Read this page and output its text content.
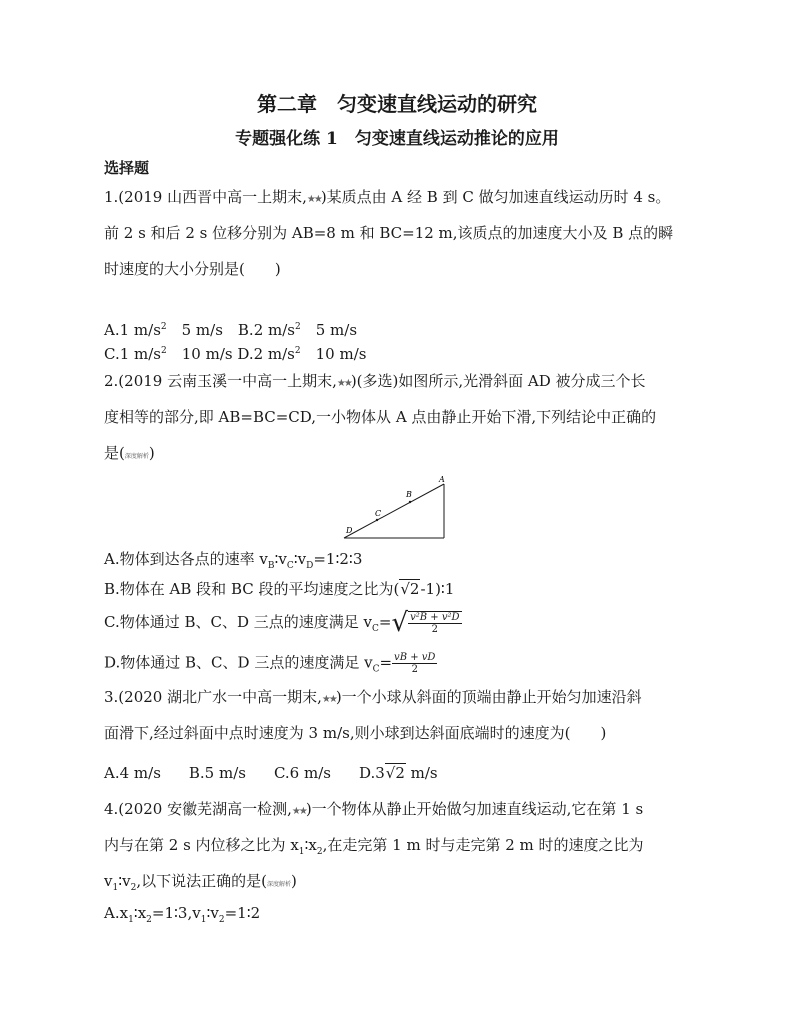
第二章　匀变速直线运动的研究
专题强化练 1　匀变速直线运动推论的应用
选择题
1.(2019 山西晋中高一上期末,★★)某质点由 A 经 B 到 C 做匀加速直线运动历时 4 s。
前 2 s 和后 2 s 位移分别为 AB=8 m 和 BC=12 m,该质点的加速度大小及 B 点的瞬
时速度的大小分别是(　　)
A.1 $m/s^2$　5 m/s　B.2 $m/s^2$　5 m/s
C.1 $m/s^2$　10 m/s D.2 $m/s^2$　10 m/s
2.(2019 云南玉溪一中高一上期末,★★)(多选)如图所示,光滑斜面 AD 被分成三个长
度相等的部分,即 AB=BC=CD,一小物体从 A 点由静止开始下滑,下列结论中正确的
是(深度解析)
A
B
C
D
A.物体到达各点的速率 $v_B∶v_C∶v_D=1∶2∶3$
B.物体在 AB 段和 BC 段的平均速度之比为(√2-1)∶1
C.物体通过 B、C、D 三点的速度满足 $v_C=√ \frac{\text{v²B + v²D}}{2}$
D.物体通过 B、C、D 三点的速度满足 $v_C= \frac{vB + vD}{2}$
3.(2020 湖北广水一中高一期末,★★)一个小球从斜面的顶端由静止开始匀加速沿斜
面滑下,经过斜面中点时速度为 3 m/s,则小球到达斜面底端时的速度为(　　)
A.4 m/s B.5 m/s C.6 m/s D.3√2 m/s
4.(2020 安徽芜湖高一检测,★★)一个物体从静止开始做匀加速直线运动,它在第 1 s
内与在第 2 s 内位移之比为 $x_1∶x_2$,在走完第 1 m 时与走完第 2 m 时的速度之比为
$v_1∶v_2$,以下说法正确的是(深度解析)
$A.x_1∶x_2=1∶3,v_1∶v_2=1∶2$
